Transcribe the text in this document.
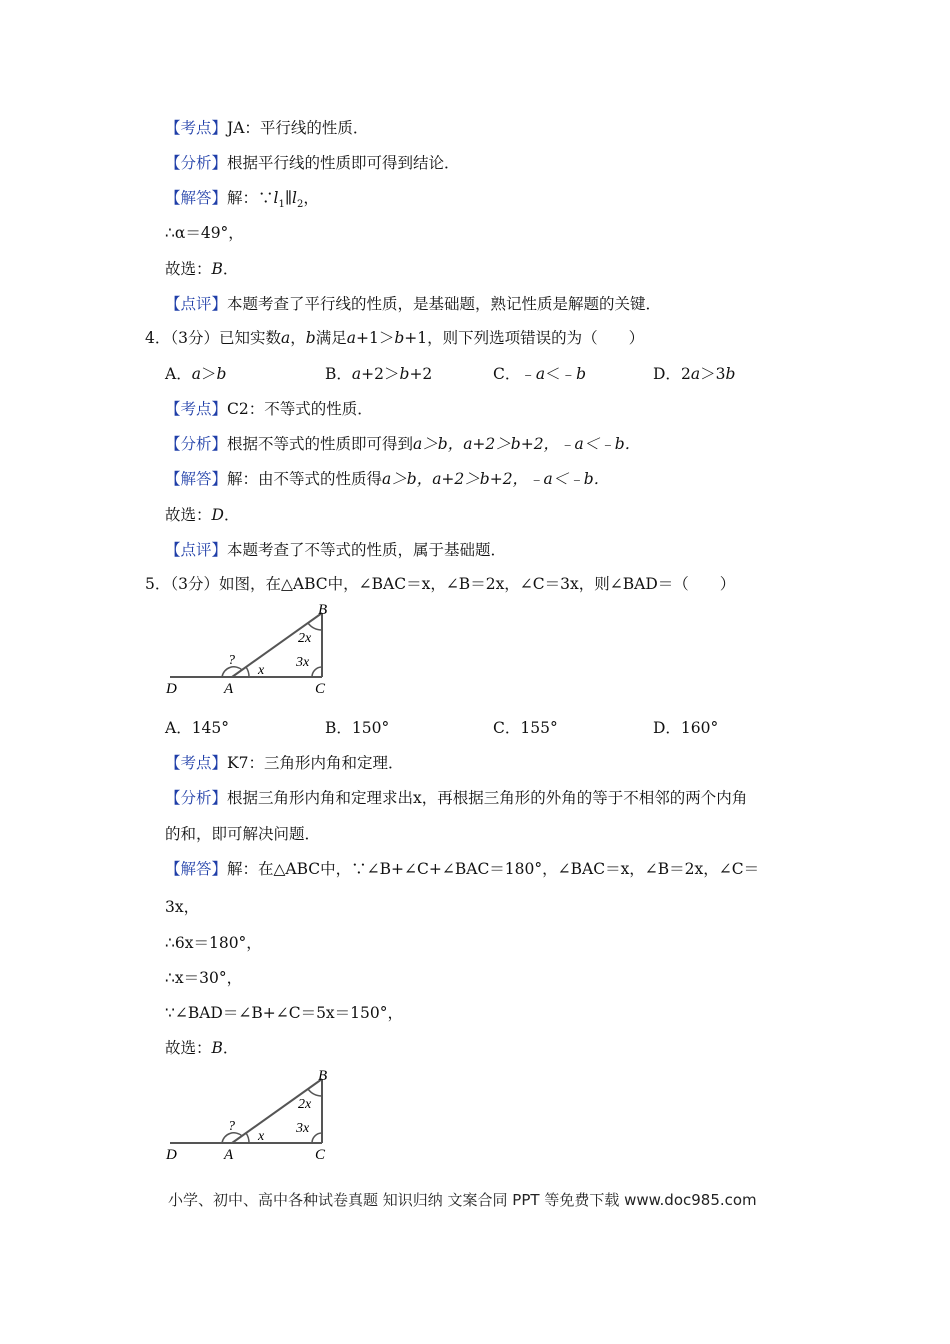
【考点】JA：平行线的性质．
【分析】根据平行线的性质即可得到结论．
【解答】解：$\because l_1\parallel l_2$，
∴α＝49°，
故选：B．
【点评】本题考查了平行线的性质，是基础题，熟记性质是解题的关键．
4．（3分）已知实数a，b满足a+1＞b+1，则下列选项错误的为（　　）
A．a＞b	B．a+2＞b+2	C．﹣a＜﹣b	D．2a＞3b
【考点】C2：不等式的性质．
【分析】根据不等式的性质即可得到a＞b，a+2＞b+2，﹣a＜﹣b．
【解答】解：由不等式的性质得a＞b，a+2＞b+2，﹣a＜﹣b．
故选：D．
【点评】本题考查了不等式的性质，属于基础题．
5．（3分）如图，在△ABC中，∠BAC＝x，∠B＝2x，∠C＝3x，则∠BAD＝（　　）
B
A	C
D
2x
3x
x
?
A．145°	B．150°	C．155°	D．160°
【考点】K7：三角形内角和定理．
【分析】根据三角形内角和定理求出x，再根据三角形的外角的等于不相邻的两个内角
的和，即可解决问题．
【解答】解：在△ABC中，∵∠B+∠C+∠BAC＝180°，∠BAC＝x，∠B＝2x，∠C＝
3x，
∴6x＝180°，
∴x＝30°，
∵∠BAD＝∠B+∠C＝5x＝150°，
故选：B．
B
A	C
D
2x
3x
x
?
小学、初中、高中各种试卷真题 知识归纳 文案合同 PPT 等免费下载 www.doc985.com
